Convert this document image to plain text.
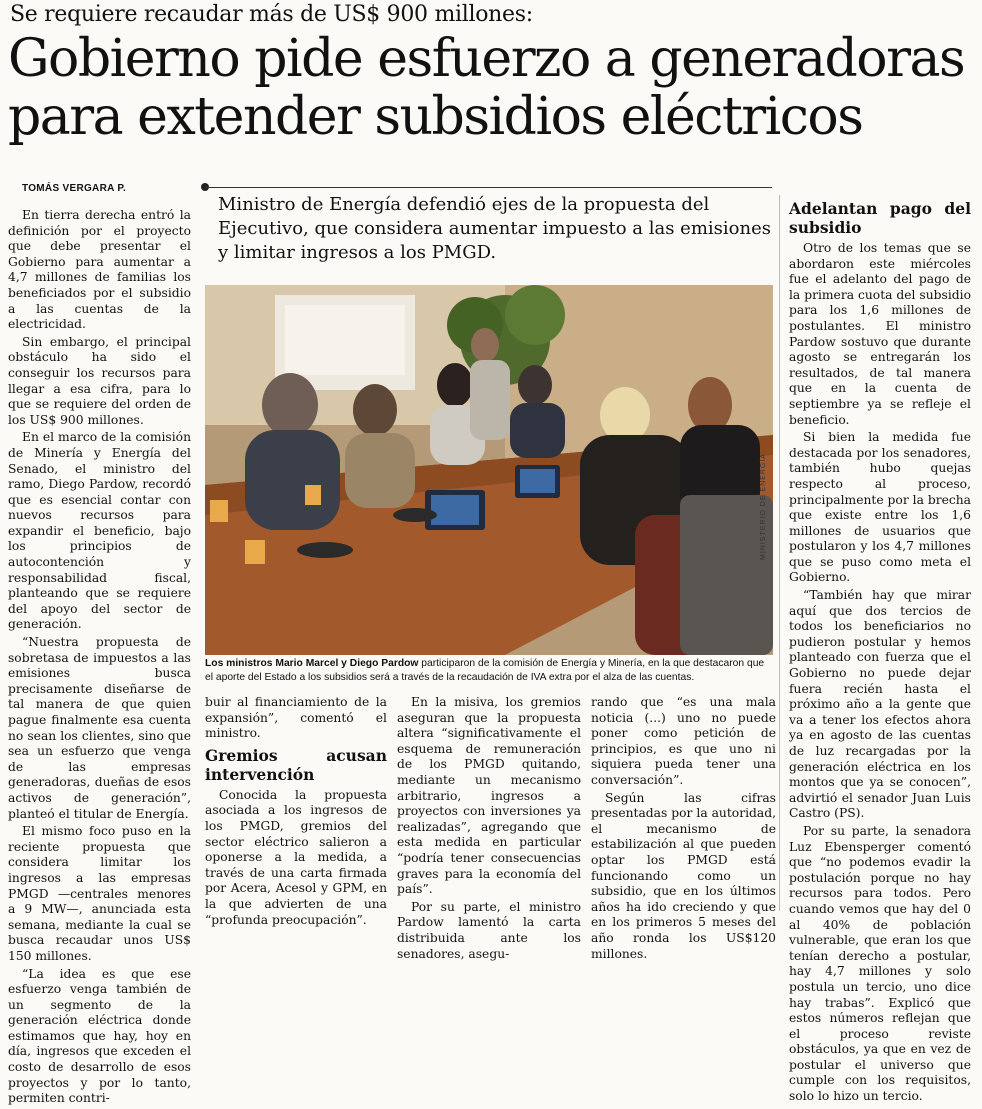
Se requiere recaudar más de US$ 900 millones:
Gobierno pide esfuerzo a generadoras para extender subsidios eléctricos
TOMÁS VERGARA P.
Ministro de Energía defendió ejes de la propuesta del Ejecutivo, que considera aumentar impuesto a las emisiones y limitar ingresos a los PMGD.

En tierra derecha entró la definición por el proyecto que debe presentar el Gobierno para aumentar a 4,7 millones de familias los beneficiados por el subsidio a las cuentas de la electricidad.

Sin embargo, el principal obstáculo ha sido el conseguir los recursos para llegar a esa cifra, para lo que se requiere del orden de los US$ 900 millones.

En el marco de la comisión de Minería y Energía del Senado, el ministro del ramo, Diego Pardow, recordó que es esencial contar con nuevos recursos para expandir el beneficio, bajo los principios de autocontención y responsabilidad fiscal, planteando que se requiere del apoyo del sector de generación.

“Nuestra propuesta de sobretasa de impuestos a las emisiones busca precisamente diseñarse de tal manera de que quien pague finalmente esa cuenta no sean los clientes, sino que sea un esfuerzo que venga de las empresas generadoras, dueñas de esos activos de generación”, planteó el titular de Energía.

El mismo foco puso en la reciente propuesta que considera limitar los ingresos a las empresas PMGD —centrales menores a 9 MW—, anunciada esta semana, mediante la cual se busca recaudar unos US$ 150 millones.

“La idea es que ese esfuerzo venga también de un segmento de la generación eléctrica donde estimamos que hay, hoy en día, ingresos que exceden el costo de desarrollo de esos proyectos y por lo tanto, permiten contri-

MINISTERIO DE ENERGÍA
Los ministros Mario Marcel y Diego Pardow participaron de la comisión de Energía y Minería, en la que destacaron que el aporte del Estado a los subsidios será a través de la recaudación de IVA extra por el alza de las cuentas.

buir al financiamiento de la expansión”, comentó el ministro.

Gremios acusan intervención

Conocida la propuesta asociada a los ingresos de los PMGD, gremios del sector eléctrico salieron a oponerse a la medida, a través de una carta firmada por Acera, Acesol y GPM, en la que advierten de una “profunda preocupación”.

En la misiva, los gremios aseguran que la propuesta altera “significativamente el esquema de remuneración de los PMGD quitando, mediante un mecanismo arbitrario, ingresos a proyectos con inversiones ya realizadas”, agregando que esta medida en particular “podría tener consecuencias graves para la economía del país”.

Por su parte, el ministro Pardow lamentó la carta distribuida ante los senadores, asegu-

rando que “es una mala noticia (...) uno no puede poner como petición de principios, es que uno ni siquiera pueda tener una conversación”.

Según las cifras presentadas por la autoridad, el mecanismo de estabilización al que pueden optar los PMGD está funcionando como un subsidio, que en los últimos años ha ido creciendo y que en los primeros 5 meses del año ronda los US$120 millones.

Adelantan pago del subsidio

Otro de los temas que se abordaron este miércoles fue el adelanto del pago de la primera cuota del subsidio para los 1,6 millones de postulantes. El ministro Pardow sostuvo que durante agosto se entregarán los resultados, de tal manera que en la cuenta de septiembre ya se refleje el beneficio.

Si bien la medida fue destacada por los senadores, también hubo quejas respecto al proceso, principalmente por la brecha que existe entre los 1,6 millones de usuarios que postularon y los 4,7 millones que se puso como meta el Gobierno.

“También hay que mirar aquí que dos tercios de todos los beneficiarios no pudieron postular y hemos planteado con fuerza que el Gobierno no puede dejar fuera recién hasta el próximo año a la gente que va a tener los efectos ahora ya en agosto de las cuentas de luz recargadas por la generación eléctrica en los montos que ya se conocen”, advirtió el senador Juan Luis Castro (PS).

Por su parte, la senadora Luz Ebensperger comentó que “no podemos evadir la postulación porque no hay recursos para todos. Pero cuando vemos que hay del 0 al 40% de población vulnerable, que eran los que tenían derecho a postular, hay 4,7 millones y solo postula un tercio, uno dice hay trabas”. Explicó que estos números reflejan que el proceso reviste obstáculos, ya que en vez de postular el universo que cumple con los requisitos, solo lo hizo un tercio.
